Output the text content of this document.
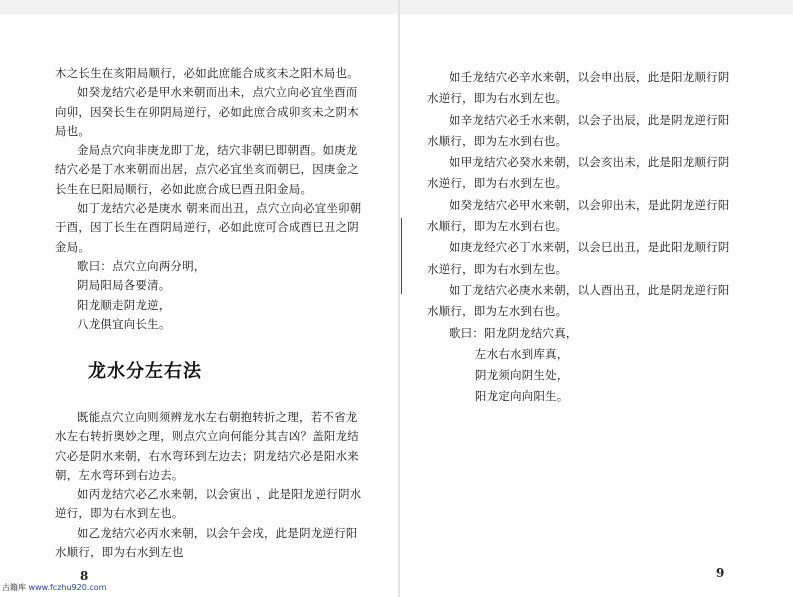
木之长生在亥阳局顺行，必如此庶能合成亥未之阳木局也。

如癸龙结穴必是甲水来朝而出未，点穴立向必宜坐酉而

向卯，因癸长生在卯阴局逆行，必如此庶合成卯亥未之阴木

局也。

金局点穴向非庚龙即丁龙，结穴非朝巳即朝酉。如庚龙

结穴必是丁水来朝而出居，点穴必宜坐亥而朝巳，因庚金之

长生在巳阳局顺行，必如此庶合成巳酉丑阳金局。

如丁龙结穴必是庚水 朝来而出丑，点穴立向必宜坐卯朝

于酉，因丁长生在酉阴局逆行，必如此庶可合成酉巳丑之阴

金局。

歌曰：点穴立向两分明，

阴局阳局各要清。

阳龙顺走阴龙逆，

八龙俱宜向长生。

龙水分左右法

既能点穴立向则须辨龙水左右朝抱转折之理，若不省龙

水左右转折奥妙之理，则点穴立向何能分其吉凶？盖阳龙结

穴必是阴水来朝，右水弯环到左边去；阴龙结穴必是阳水来

朝，左水弯环到右边去。

如丙龙结穴必乙水来朝，以会寅出 ，此是阳龙逆行阴水

逆行，即为右水到左也。

如乙龙结穴必丙水来朝，以会午会戌，此是阴龙逆行阳

水顺行，即为右水到左也

如壬龙结穴必辛水来朝，以会申出辰，此是阳龙顺行阴

水逆行，即为右水到左也。

如辛龙结穴必壬水来朝，以会子出辰，此是阴龙逆行阳

水顺行，即为左水到右也。

如甲龙结穴必癸水来朝，以会亥出未，此是阳龙顺行阴

水逆行，即为右水到左也。

如癸龙结穴必甲水来朝，以会卯出未，是此阴龙逆行阳

水顺行，即为左水到右也。

如庚龙经穴必丁水来朝，以会巳出丑，是此阳龙顺行阴

水逆行，即为右水到左也。

如丁龙结穴必庚水来朝，以人酉出丑，此是阴龙逆行阳

水顺行，即为左水到右也。

歌曰：阳龙阴龙结穴真，

左水右水到库真，

阴龙须向阴生处，

阳龙定向向阳生。

8	9
古籍库 www.fczhu920.com
